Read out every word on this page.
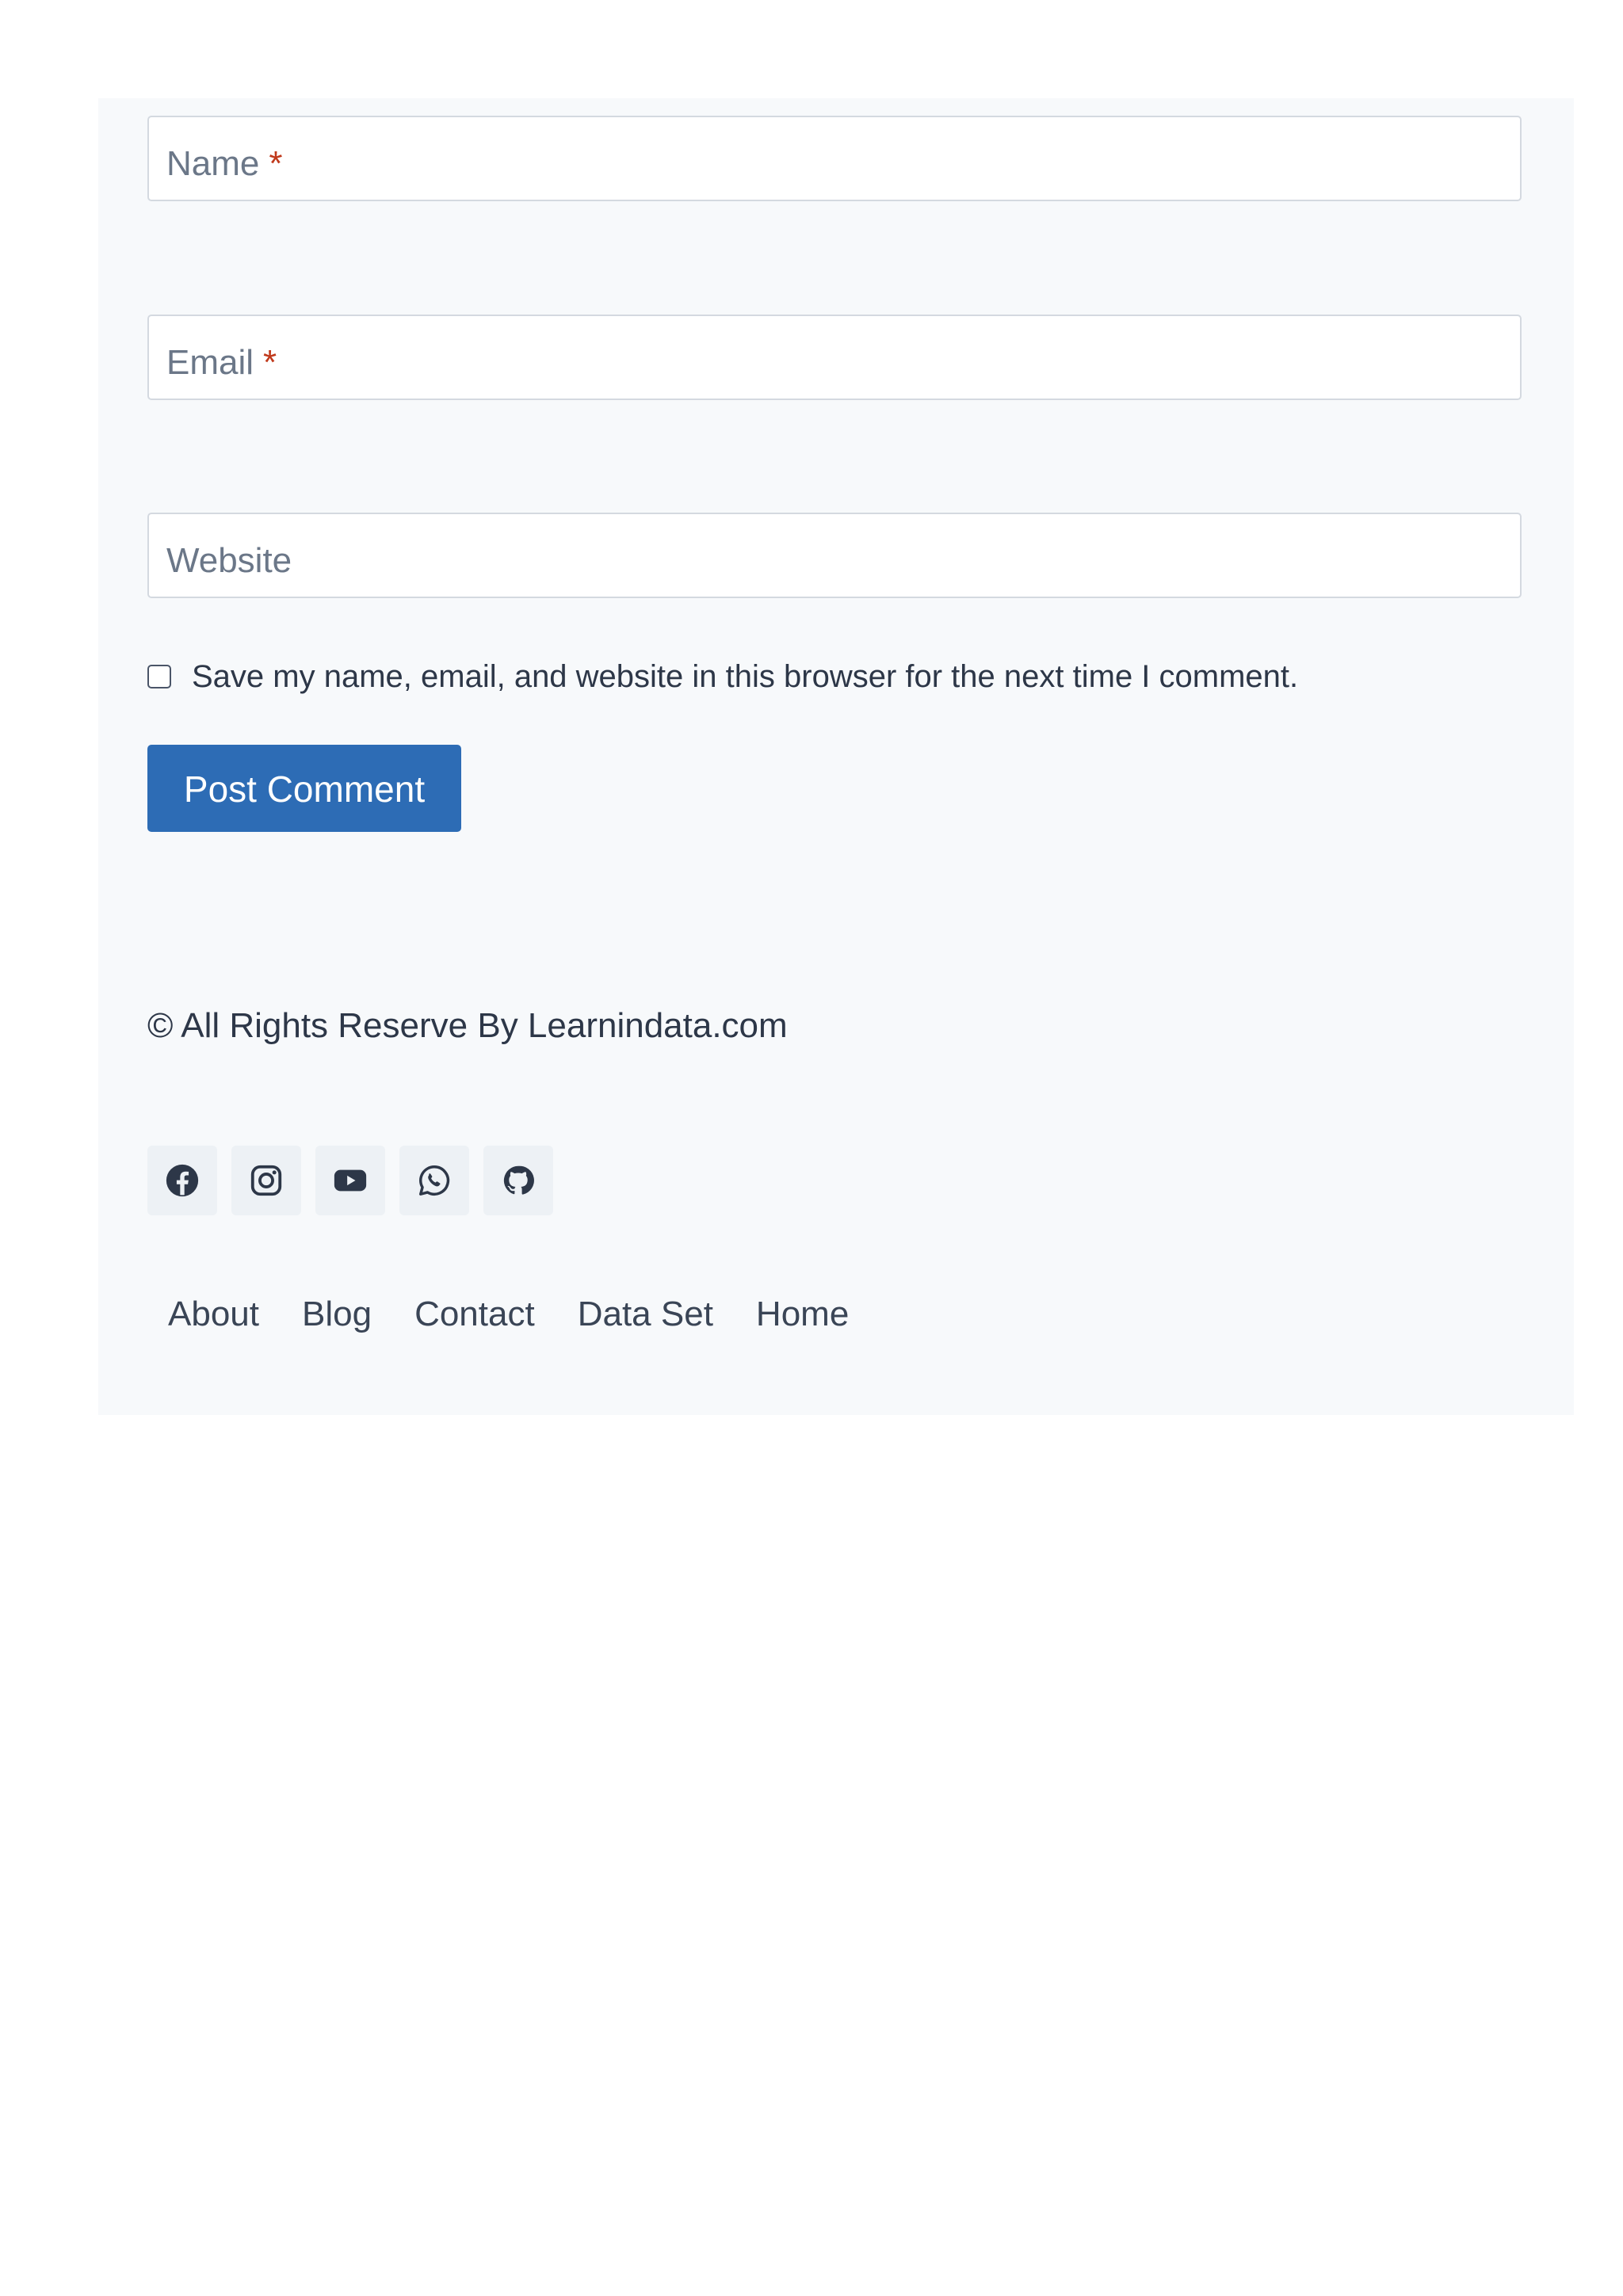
Name *
Email *
Website
Save my name, email, and website in this browser for the next time I comment.
Post Comment
© All Rights Reserve By Learnindata.com
About Blog Contact Data Set Home
